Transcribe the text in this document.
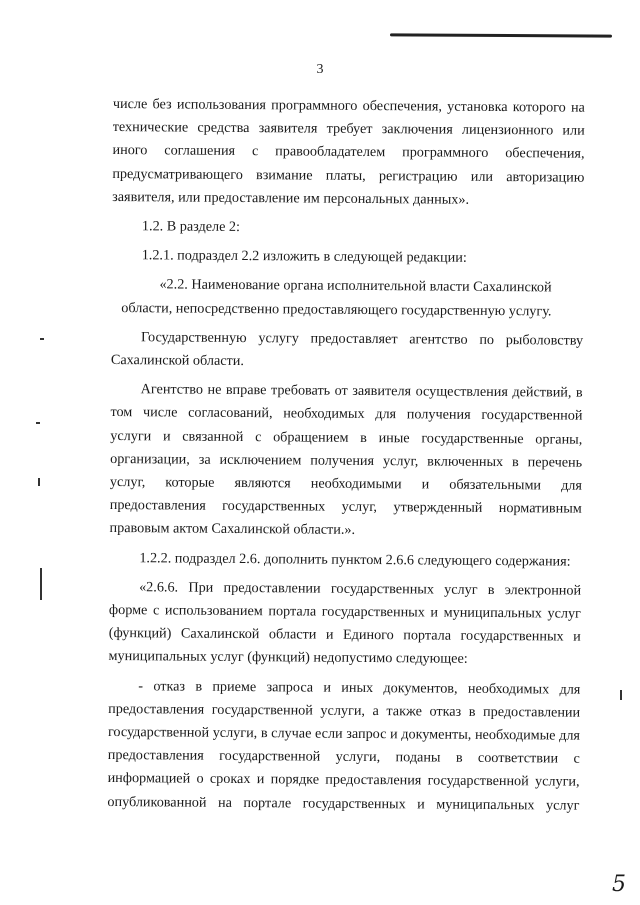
3
числе без использования программного обеспечения, установка которого на
технические средства заявителя требует заключения лицензионного или
иного соглашения с правообладателем программного обеспечения,
предусматривающего взимание платы, регистрацию или авторизацию
заявителя, или предоставление им персональных данных».
1.2. В разделе 2:
1.2.1. подраздел 2.2 изложить в следующей редакции:
«2.2. Наименование органа исполнительной власти Сахалинской
области, непосредственно предоставляющего государственную услугу.
Государственную услугу предоставляет агентство по рыболовству
Сахалинской области.
Агентство не вправе требовать от заявителя осуществления действий, в
том числе согласований, необходимых для получения государственной
услуги и связанной с обращением в иные государственные органы,
организации, за исключением получения услуг, включенных в перечень
услуг, которые являются необходимыми и обязательными для
предоставления государственных услуг, утвержденный нормативным
правовым актом Сахалинской области.».
1.2.2. подраздел 2.6. дополнить пунктом 2.6.6 следующего содержания:
«2.6.6. При предоставлении государственных услуг в электронной
форме с использованием портала государственных и муниципальных услуг
(функций) Сахалинской области и Единого портала государственных и
муниципальных услуг (функций) недопустимо следующее:
- отказ в приеме запроса и иных документов, необходимых для
предоставления государственной услуги, а также отказ в предоставлении
государственной услуги, в случае если запрос и документы, необходимые для
предоставления государственной услуги, поданы в соответствии с
информацией о сроках и порядке предоставления государственной услуги,
опубликованной на портале государственных и муниципальных услуг
5
